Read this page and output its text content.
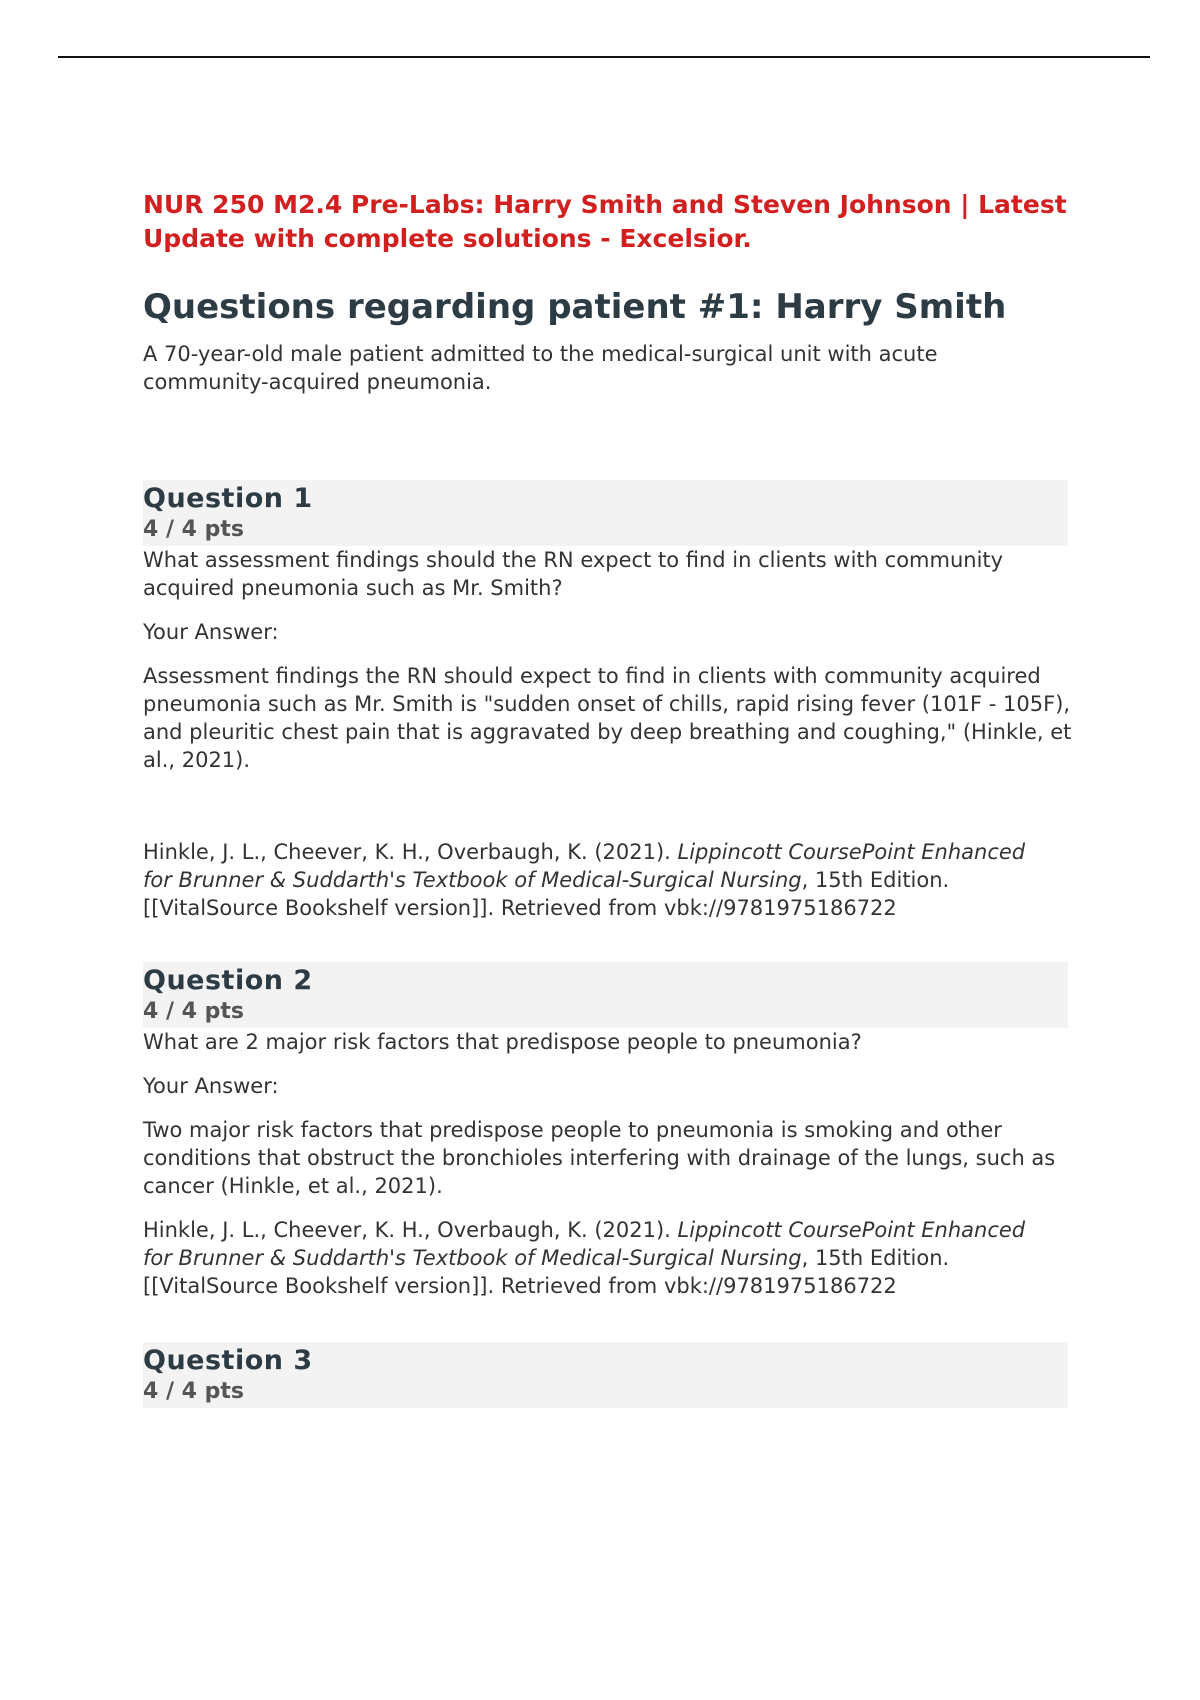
NUR 250 M2.4 Pre-Labs: Harry Smith and Steven Johnson | Latest Update with complete solutions - Excelsior.
Questions regarding patient #1: Harry Smith

A 70-year-old male patient admitted to the medical-surgical unit with acute community-acquired pneumonia.

Question 1

4 / 4 pts

What assessment findings should the RN expect to find in clients with community acquired pneumonia such as Mr. Smith?

Your Answer:

Assessment findings the RN should expect to find in clients with community acquired pneumonia such as Mr. Smith is "sudden onset of chills, rapid rising fever (101F - 105F), and pleuritic chest pain that is aggravated by deep breathing and coughing," (Hinkle, et al., 2021).

Hinkle, J. L., Cheever, K. H., Overbaugh, K. (2021). Lippincott CoursePoint Enhanced for Brunner & Suddarth's Textbook of Medical-Surgical Nursing, 15th Edition. [[VitalSource Bookshelf version]]. Retrieved from vbk://9781975186722

Question 2

4 / 4 pts

What are 2 major risk factors that predispose people to pneumonia?

Your Answer:

Two major risk factors that predispose people to pneumonia is smoking and other conditions that obstruct the bronchioles interfering with drainage of the lungs, such as cancer (Hinkle, et al., 2021).

Hinkle, J. L., Cheever, K. H., Overbaugh, K. (2021). Lippincott CoursePoint Enhanced for Brunner & Suddarth's Textbook of Medical-Surgical Nursing, 15th Edition. [[VitalSource Bookshelf version]]. Retrieved from vbk://9781975186722

Question 3

4 / 4 pts
